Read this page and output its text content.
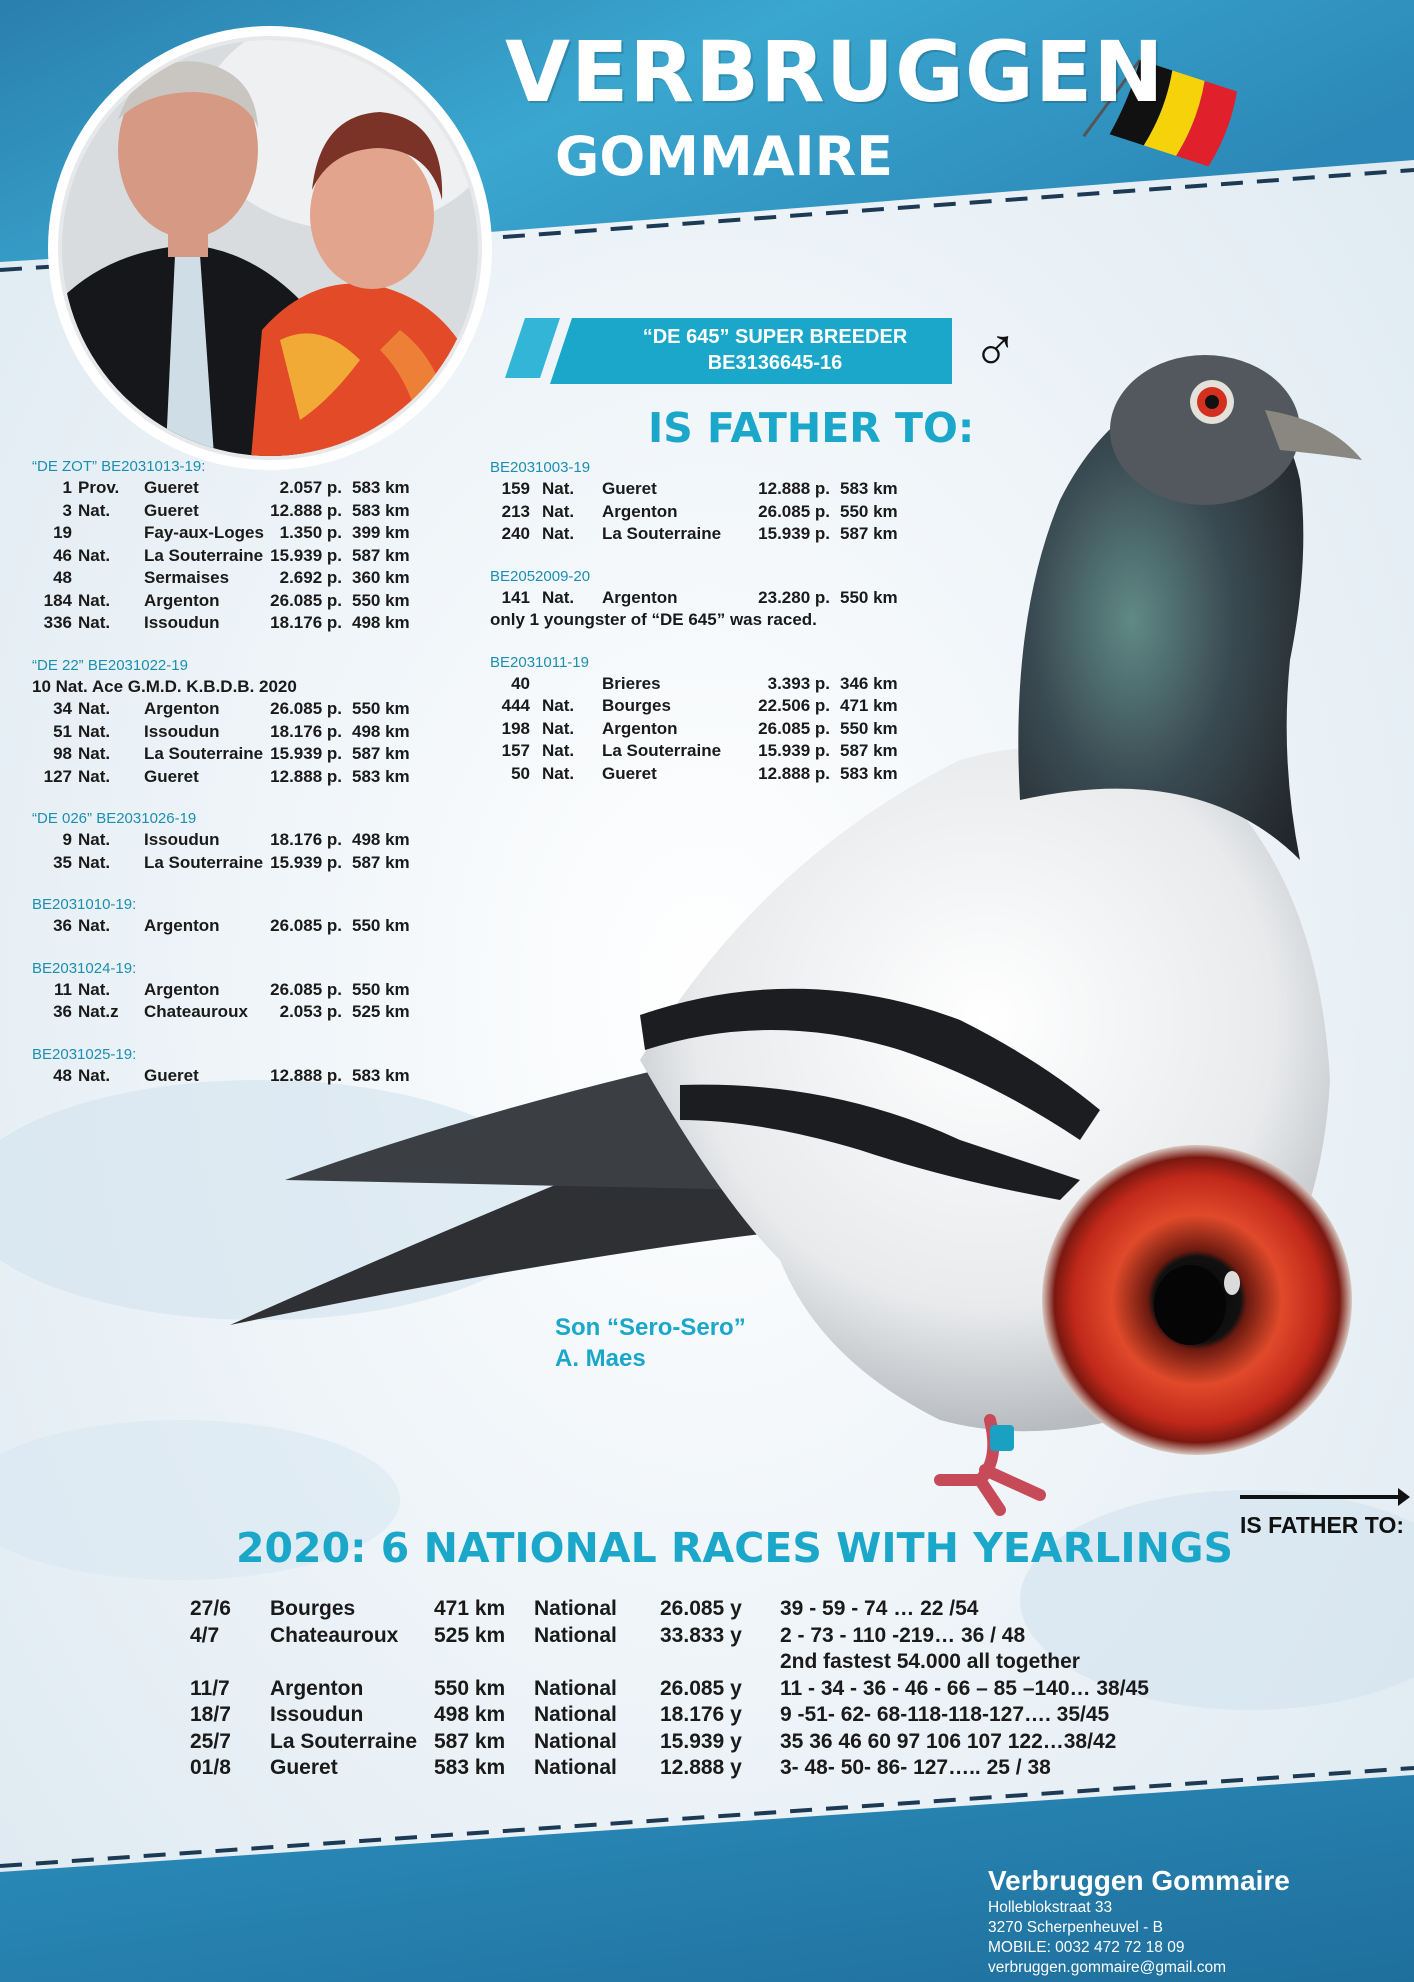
VERBRUGGEN
GOMMAIRE
“DE 645” SUPER BREEDER
BE3136645-16	♂
IS FATHER TO:
“DE ZOT” BE2031013-19:
1 Prov. Gueret	2.057 p. 583 km
3 Nat. Gueret	12.888 p. 583 km
19	Fay-aux-Loges 1.350 p. 399 km
46 Nat. La Souterraine 15.939 p. 587 km
48	Sermaises	2.692 p. 360 km
184 Nat. Argenton	26.085 p. 550 km
336 Nat. Issoudun	18.176 p. 498 km
“DE 22” BE2031022-19
10 Nat. Ace G.M.D. K.B.D.B. 2020
34 Nat. Argenton	26.085 p. 550 km
51 Nat. Issoudun	18.176 p. 498 km
98 Nat. La Souterraine 15.939 p. 587 km
127 Nat. Gueret	12.888 p. 583 km
“DE 026” BE2031026-19
9 Nat. Issoudun	18.176 p. 498 km
35 Nat. La Souterraine 15.939 p. 587 km
BE2031010-19:
36 Nat. Argenton	26.085 p. 550 km
BE2031024-19:
11 Nat. Argenton	26.085 p. 550 km
36 Nat.z Chateauroux	2.053 p. 525 km
BE2031025-19:
48 Nat. Gueret	12.888 p. 583 km
BE2031003-19
159 Nat. Gueret	12.888 p. 583 km
213 Nat. Argenton	26.085 p. 550 km
240 Nat. La Souterraine	15.939 p. 587 km
BE2052009-20
141 Nat. Argenton	23.280 p. 550 km
only 1 youngster of “DE 645” was raced.
BE2031011-19
40	Brieres	3.393 p. 346 km
444 Nat. Bourges	22.506 p. 471 km
198 Nat. Argenton	26.085 p. 550 km
157 Nat. La Souterraine	15.939 p. 587 km
50 Nat. Gueret	12.888 p. 583 km
Son “Sero-Sero”
A. Maes
IS FATHER TO:
2020: 6 NATIONAL RACES WITH YEARLINGS
27/6 Bourges	471 km National 26.085 y 39 - 59 - 74 … 22 /54
4/7 Chateauroux 525 km National 33.833 y 2 - 73 - 110 -219… 36 / 48
2nd fastest 54.000 all together
11/7 Argenton	550 km National 26.085 y 11 - 34 - 36 - 46 - 66 – 85 –140… 38/45
18/7 Issoudun	498 km National 18.176 y 9 -51- 62- 68-118-118-127…. 35/45
25/7 La Souterraine 587 km National 15.939 y 35 36 46 60 97 106 107 122…38/42
01/8 Gueret	583 km National 12.888 y 3- 48- 50- 86- 127….. 25 / 38
Verbruggen Gommaire
Holleblokstraat 33
3270 Scherpenheuvel - B
MOBILE: 0032 472 72 18 09
verbruggen.gommaire@gmail.com
